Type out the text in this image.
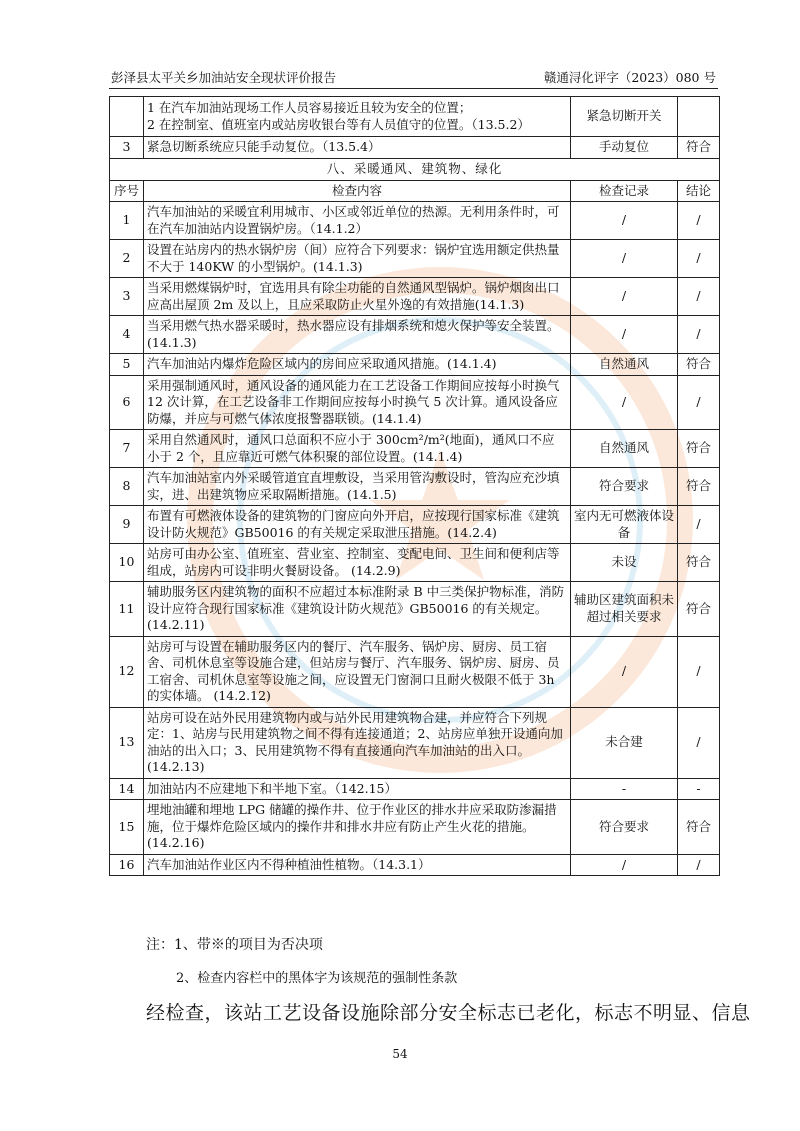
彭泽县太平关乡加油站安全现状评价报告	赣通浔化评字（2023）080 号
	1 在汽车加油站现场工作人员容易接近且较为安全的位置；
2 在控制室、值班室内或站房收银台等有人员值守的位置。（13.5.2）	紧急切断开关	
3	紧急切断系统应只能手动复位。（13.5.4）	手动复位	符合
八、采暖通风、建筑物、绿化			
序号	检查内容	检查记录	结论
1	汽车加油站的采暖宜利用城市、小区或邻近单位的热源。无利用条件时，可在汽车加油站内设置锅炉房。（14.1.2）	/	/
2	设置在站房内的热水锅炉房（间）应符合下列要求：锅炉宜选用额定供热量不大于 140KW 的小型锅炉。(14.1.3)	/	/
3	当采用燃煤锅炉时，宜选用具有除尘功能的自然通风型锅炉。锅炉烟囱出口应高出屋顶 2m 及以上，且应采取防止火星外逸的有效措施(14.1.3)	/	/
4	当采用燃气热水器采暖时，热水器应设有排烟系统和熄火保护等安全装置。(14.1.3)	/	/
5	汽车加油站内爆炸危险区域内的房间应采取通风措施。(14.1.4)	自然通风	符合
6	采用强制通风时，通风设备的通风能力在工艺设备工作期间应按每小时换气 12 次计算，在工艺设备非工作期间应按每小时换气 5 次计算。通风设备应防爆，并应与可燃气体浓度报警器联锁。(14.1.4)	/	/
7	采用自然通风时，通风口总面积不应小于 300cm²/m²(地面)，通风口不应小于 2 个，且应靠近可燃气体积聚的部位设置。(14.1.4)	自然通风	符合
8	汽车加油站室内外采暖管道宜直埋敷设，当采用管沟敷设时，管沟应充沙填实，进、出建筑物应采取隔断措施。(14.1.5)	符合要求	符合
9	布置有可燃液体设备的建筑物的门窗应向外开启，应按现行国家标准《建筑设计防火规范》GB50016 的有关规定采取泄压措施。(14.2.4)	室内无可燃液体设备	/
10	站房可由办公室、值班室、营业室、控制室、变配电间、卫生间和便利店等组成，站房内可设非明火餐厨设备。 (14.2.9)	未设	符合
11	辅助服务区内建筑物的面积不应超过本标准附录 B 中三类保护物标准，消防设计应符合现行国家标准《建筑设计防火规范》GB50016 的有关规定。(14.2.11)	辅助区建筑面积未超过相关要求	符合
12	站房可与设置在辅助服务区内的餐厅、汽车服务、锅炉房、厨房、员工宿舍、司机休息室等设施合建，但站房与餐厅、汽车服务、锅炉房、厨房、员工宿舍、司机休息室等设施之间，应设置无门窗洞口且耐火极限不低于 3h 的实体墙。 (14.2.12)	/	/
13	站房可设在站外民用建筑物内或与站外民用建筑物合建，并应符合下列规定：1、站房与民用建筑物之间不得有连接通道；2、站房应单独开设通向加油站的出入口；3、民用建筑物不得有直接通向汽车加油站的出入口。(14.2.13)	未合建	/
14	加油站内不应建地下和半地下室。（142.15）	-	-
15	埋地油罐和埋地 LPG 储罐的操作井、位于作业区的排水井应采取防渗漏措施，位于爆炸危险区域内的操作井和排水井应有防止产生火花的措施。 (14.2.16)	符合要求	符合
16	汽车加油站作业区内不得种植油性植物。（14.3.1）	/	/
注：1、带※的项目为否决项
2、检查内容栏中的黑体字为该规范的强制性条款
经检查，该站工艺设备设施除部分安全标志已老化，标志不明显、信息
54
